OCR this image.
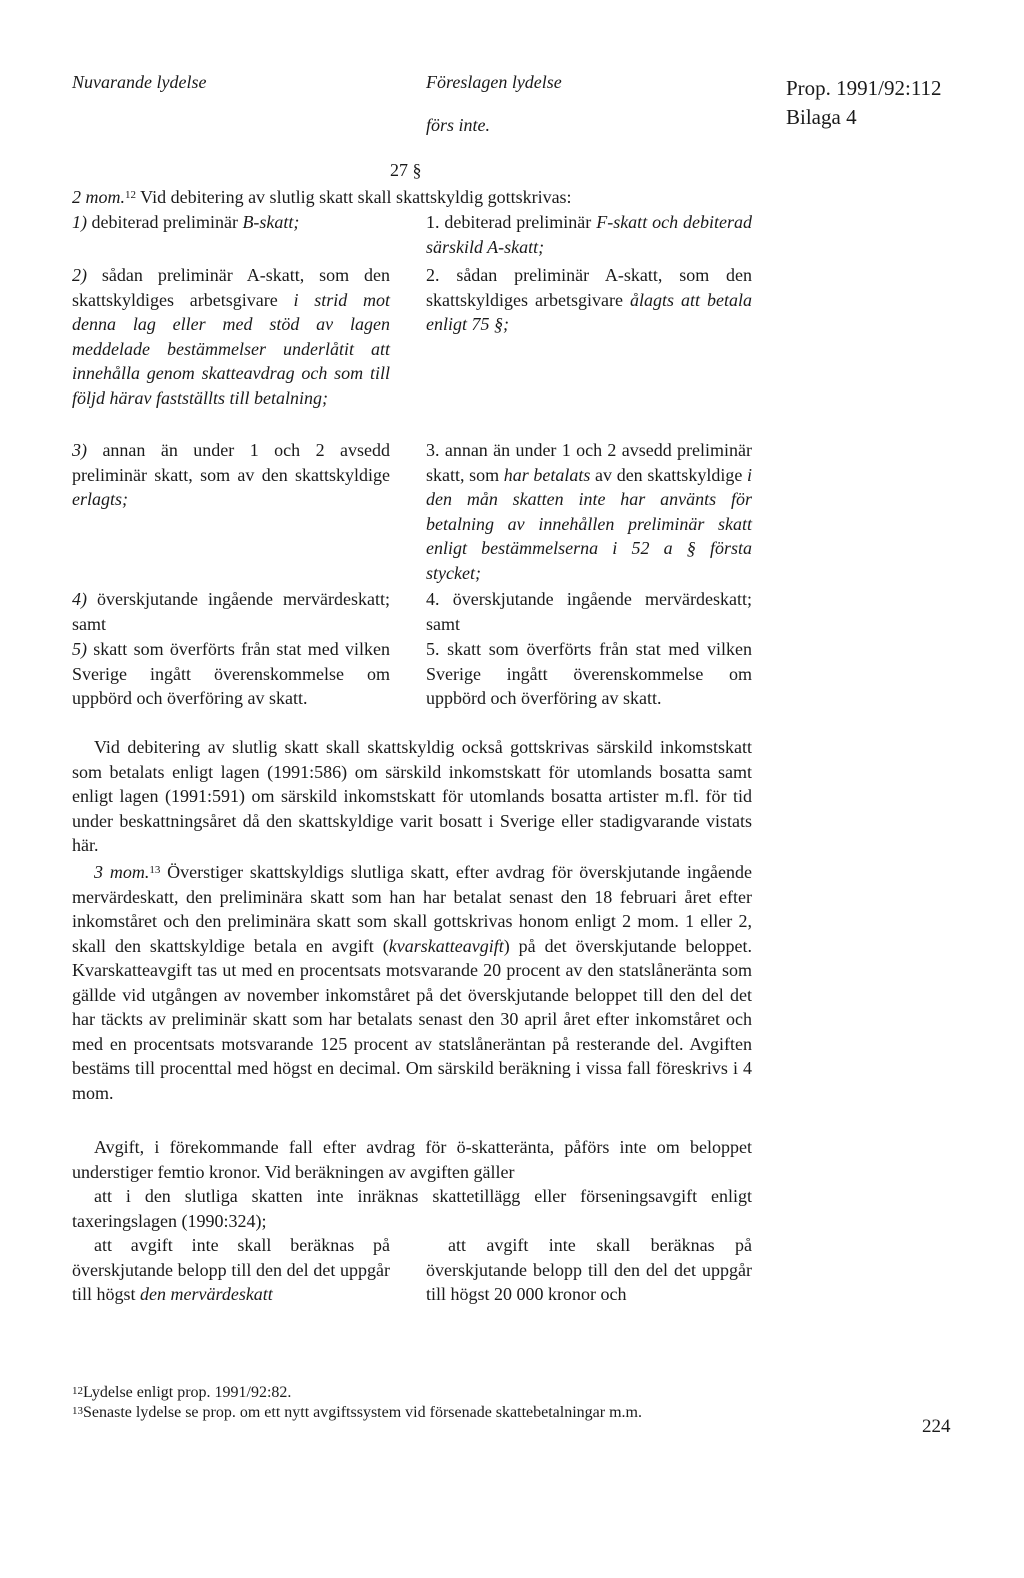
Nuvarande lydelse	Föreslagen lydelse	Prop. 1991/92:112
Bilaga 4
förs inte.
27 §
2 mom.$^{12}$ Vid debitering av slutlig skatt skall skattskyldig gottskrivas:
1) debiterad preliminär B-skatt;
2) sådan preliminär A-skatt, som den skattskyldiges arbetsgivare i strid mot denna lag eller med stöd av lagen meddelade bestämmelser underlåtit att innehålla genom skatteavdrag och som till följd härav fastställts till betalning;
3) annan än under 1 och 2 avsedd preliminär skatt, som av den skattskyldige erlagts;
4) överskjutande ingående mervärdeskatt; samt
5) skatt som överförts från stat med vilken Sverige ingått överenskommelse om uppbörd och överföring av skatt.
1. debiterad preliminär F-skatt och debiterad särskild A-skatt;
2. sådan preliminär A-skatt, som den skattskyldiges arbetsgivare ålagts att betala enligt 75 §;
3. annan än under 1 och 2 avsedd preliminär skatt, som har betalats av den skattskyldige i den mån skatten inte har använts för betalning av innehållen preliminär skatt enligt bestämmelserna i 52 a § första stycket;
4. överskjutande ingående mervärdeskatt; samt
5. skatt som överförts från stat med vilken Sverige ingått överenskommelse om uppbörd och överföring av skatt.

Vid debitering av slutlig skatt skall skattskyldig också gottskrivas särskild inkomstskatt som betalats enligt lagen (1991:586) om särskild inkomstskatt för utomlands bosatta samt enligt lagen (1991:591) om särskild inkomstskatt för utomlands bosatta artister m.fl. för tid under beskattningsåret då den skattskyldige varit bosatt i Sverige eller stadigvarande vistats här.

3 mom.$^{13}$ Överstiger skattskyldigs slutliga skatt, efter avdrag för överskjutande ingående mervärdeskatt, den preliminära skatt som han har betalat senast den 18 februari året efter inkomståret och den preliminära skatt som skall gottskrivas honom enligt 2 mom. 1 eller 2, skall den skattskyldige betala en avgift (kvarskatteavgift) på det överskjutande beloppet. Kvarskatteavgift tas ut med en procentsats motsvarande 20 procent av den statslåneränta som gällde vid utgången av november inkomståret på det överskjutande beloppet till den del det har täckts av preliminär skatt som har betalats senast den 30 april året efter inkomståret och med en procentsats motsvarande 125 procent av statslåneräntan på resterande del. Avgiften bestäms till procenttal med högst en decimal. Om särskild beräkning i vissa fall föreskrivs i 4 mom.

Avgift, i förekommande fall efter avdrag för ö-skatteränta, påförs inte om beloppet understiger femtio kronor. Vid beräkningen av avgiften gäller

att i den slutliga skatten inte inräknas skattetillägg eller förseningsavgift enligt taxeringslagen (1990:324);

att avgift inte skall beräknas på överskjutande belopp till den del det uppgår till högst den mervärdeskatt
att avgift inte skall beräknas på överskjutande belopp till den del det uppgår till högst 20 000 kronor och
$^{12}$Lydelse enligt prop. 1991/92:82.
$^{13}$Senaste lydelse se prop. om ett nytt avgiftssystem vid försenade skattebetalningar m.m.
224
